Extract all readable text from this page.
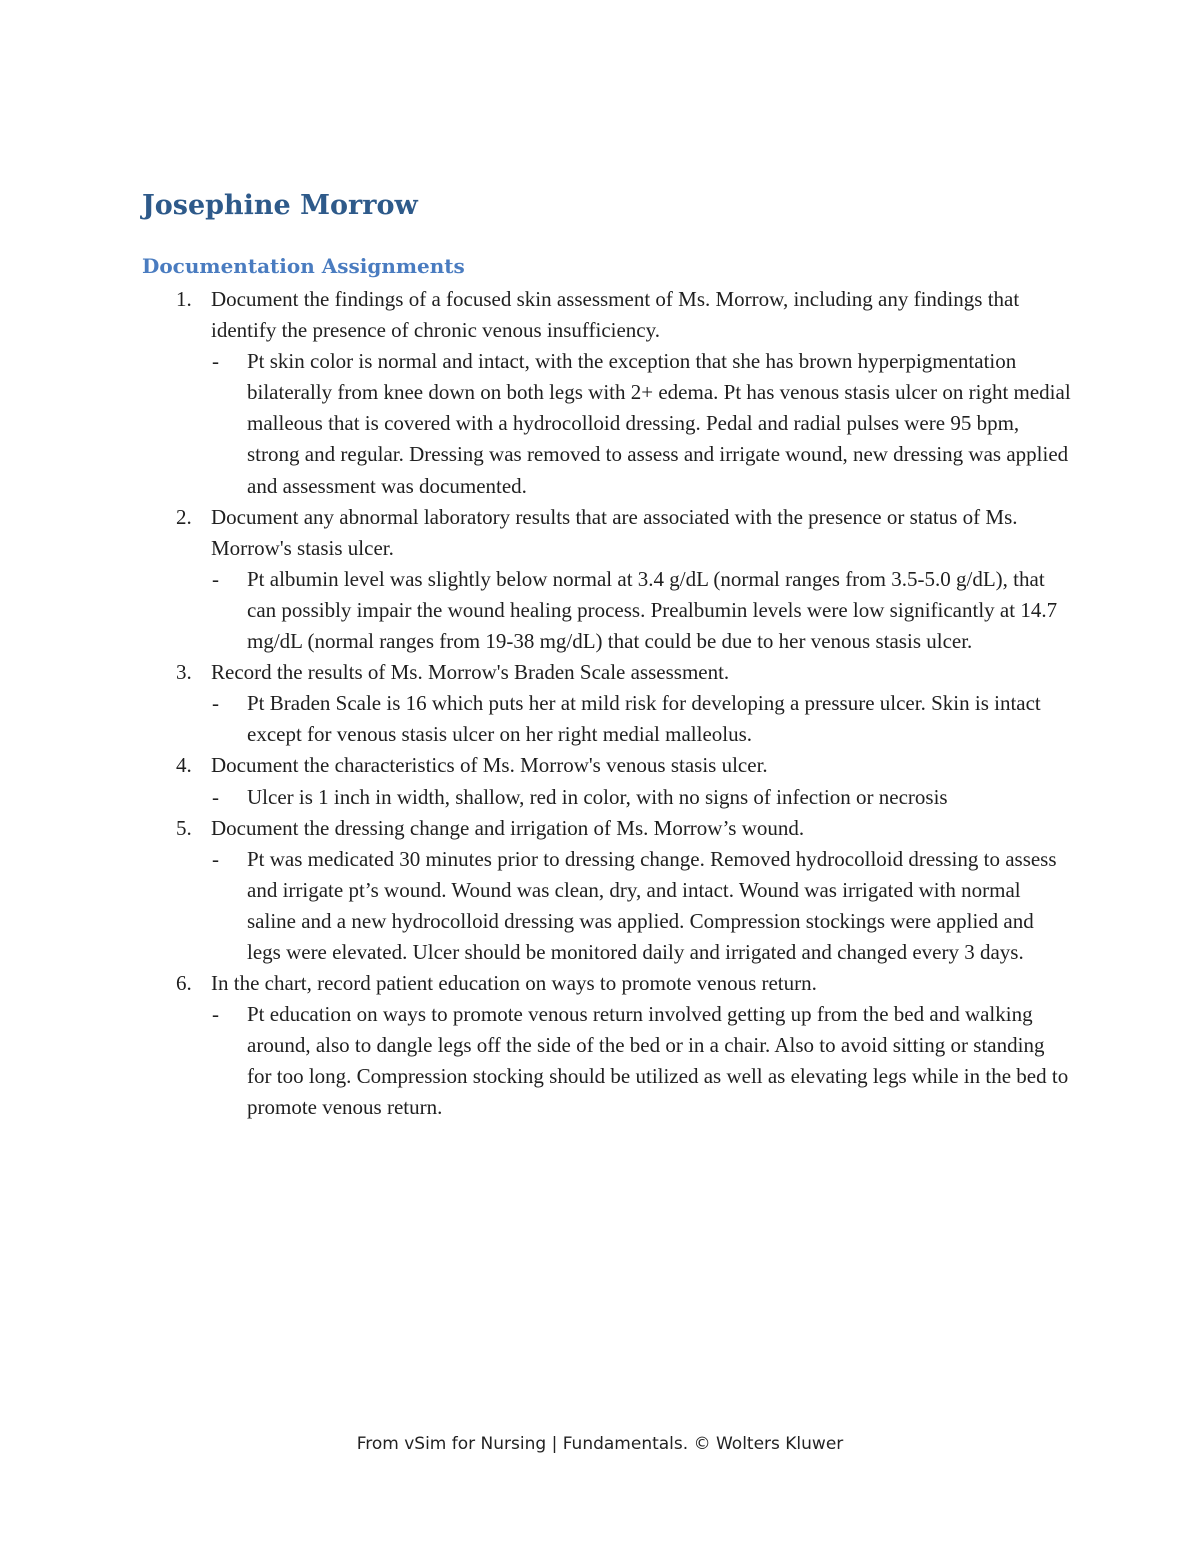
Josephine Morrow
Documentation Assignments
1. Document the findings of a focused skin assessment of Ms. Morrow, including any findings that identify the presence of chronic venous insufficiency.
- Pt skin color is normal and intact, with the exception that she has brown hyperpigmentation bilaterally from knee down on both legs with 2+ edema. Pt has venous stasis ulcer on right medial malleous that is covered with a hydrocolloid dressing. Pedal and radial pulses were 95 bpm, strong and regular. Dressing was removed to assess and irrigate wound, new dressing was applied and assessment was documented.
2. Document any abnormal laboratory results that are associated with the presence or status of Ms. Morrow's stasis ulcer.
- Pt albumin level was slightly below normal at 3.4 g/dL (normal ranges from 3.5-5.0 g/dL), that can possibly impair the wound healing process. Prealbumin levels were low significantly at 14.7 mg/dL (normal ranges from 19-38 mg/dL) that could be due to her venous stasis ulcer.
3. Record the results of Ms. Morrow's Braden Scale assessment.
- Pt Braden Scale is 16 which puts her at mild risk for developing a pressure ulcer. Skin is intact except for venous stasis ulcer on her right medial malleolus.
4. Document the characteristics of Ms. Morrow's venous stasis ulcer.
- Ulcer is 1 inch in width, shallow, red in color, with no signs of infection or necrosis
5. Document the dressing change and irrigation of Ms. Morrow’s wound.
- Pt was medicated 30 minutes prior to dressing change. Removed hydrocolloid dressing to assess and irrigate pt’s wound. Wound was clean, dry, and intact. Wound was irrigated with normal saline and a new hydrocolloid dressing was applied. Compression stockings were applied and legs were elevated. Ulcer should be monitored daily and irrigated and changed every 3 days.
6. In the chart, record patient education on ways to promote venous return.
- Pt education on ways to promote venous return involved getting up from the bed and walking around, also to dangle legs off the side of the bed or in a chair. Also to avoid sitting or standing for too long. Compression stocking should be utilized as well as elevating legs while in the bed to promote venous return.
From vSim for Nursing | Fundamentals. © Wolters Kluwer
